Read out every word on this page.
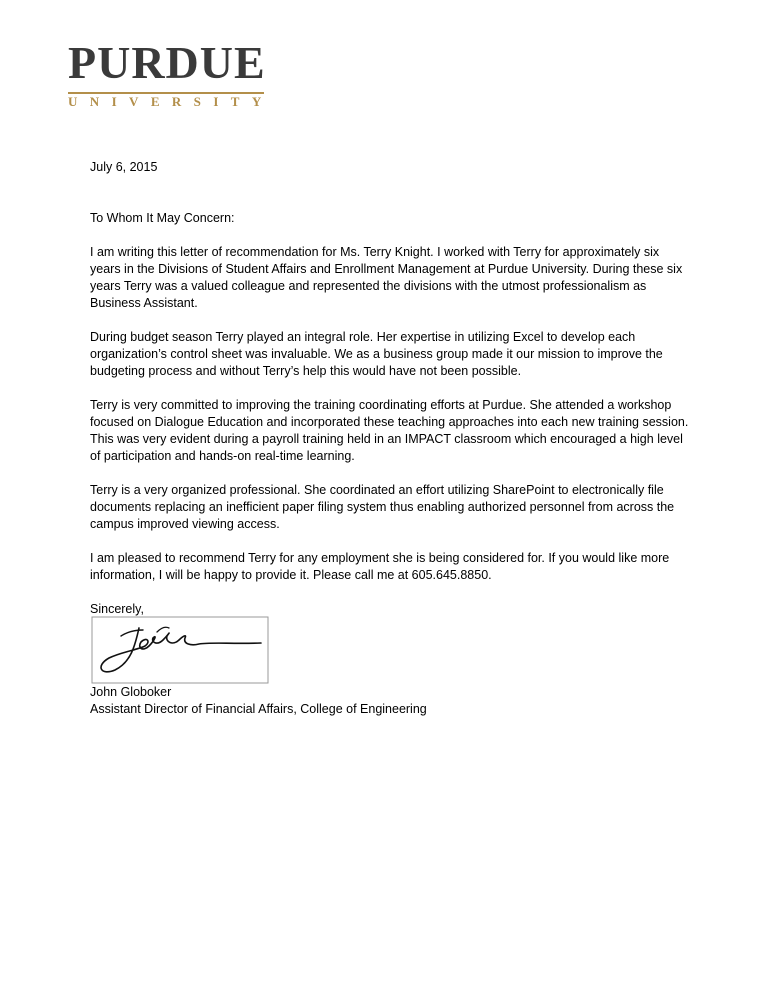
PURDUE
UNIVERSITY

July 6, 2015

To Whom It May Concern:

I am writing this letter of recommendation for Ms. Terry Knight. I worked with Terry for approximately six years in the Divisions of Student Affairs and Enrollment Management at Purdue University. During these six years Terry was a valued colleague and represented the divisions with the utmost professionalism as Business Assistant.

During budget season Terry played an integral role. Her expertise in utilizing Excel to develop each organization’s control sheet was invaluable. We as a business group made it our mission to improve the budgeting process and without Terry’s help this would have not been possible.

Terry is very committed to improving the training coordinating efforts at Purdue. She attended a workshop focused on Dialogue Education and incorporated these teaching approaches into each new training session. This was very evident during a payroll training held in an IMPACT classroom which encouraged a high level of participation and hands-on real-time learning.

Terry is a very organized professional. She coordinated an effort utilizing SharePoint to electronically file documents replacing an inefficient paper filing system thus enabling authorized personnel from across the campus improved viewing access.

I am pleased to recommend Terry for any employment she is being considered for. If you would like more information, I will be happy to provide it. Please call me at 605.645.8850.

Sincerely,

John Globoker
Assistant Director of Financial Affairs, College of Engineering
